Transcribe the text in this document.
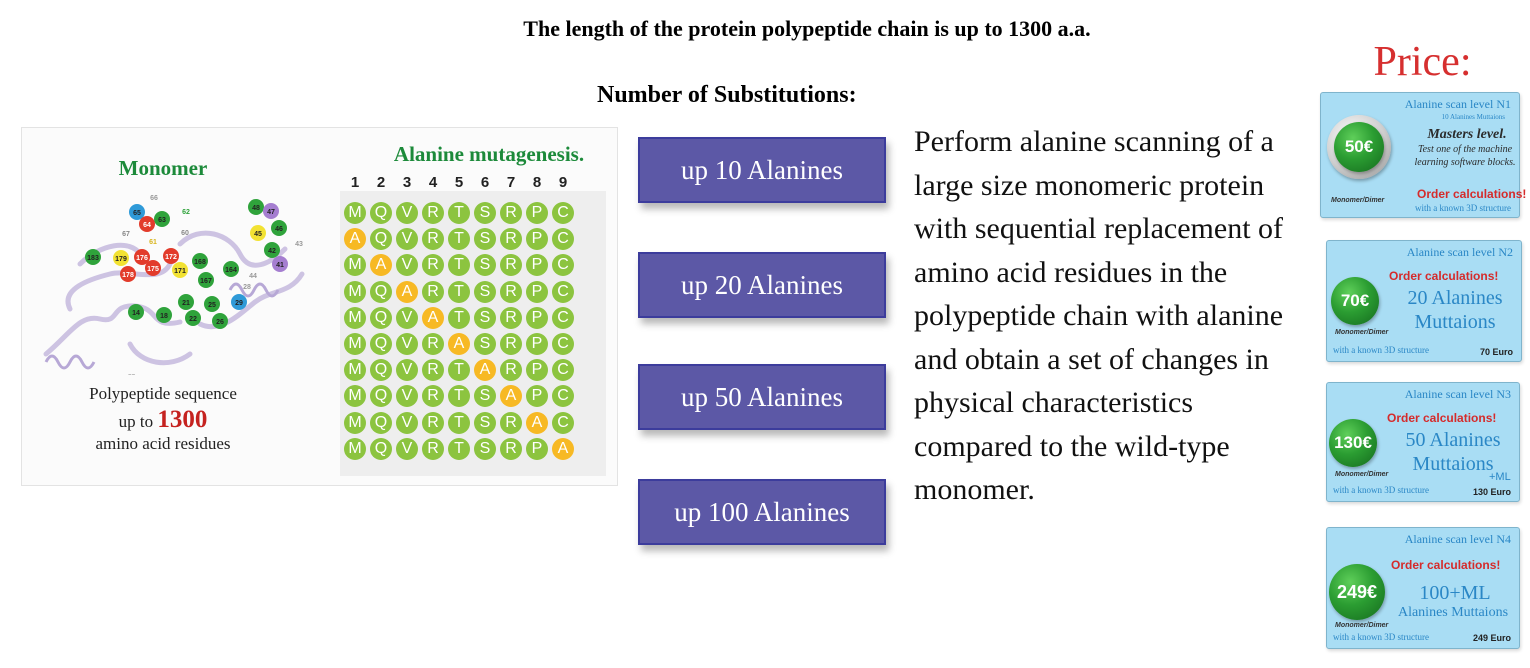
The length of the protein polypeptide chain is up to 1300 a.a.
Number of Substitutions:
Monomer
66
65
63
62
64
60
61
67
48
47
45
46
43
42
41
183 179 176 172
178
175 171
168
167
164
44
28
29
14	18
21
22
25
26
--
Polypeptide sequence
up to 1300
amino acid residues
Alanine mutagenesis.
1	2	3	4	5	6	7	8	9
M Q V R T S R P C
A Q V R T S R P C
M A V R T S R P C
M Q A R T S R P C
M Q V A T S R P C
M Q V R A S R P C
M Q V R T A R P C
M Q V R T S A P C
M Q V R T S R A C
M Q V R T S R P A
up 10 Alanines
up 20 Alanines
up 50 Alanines
up 100 Alanines
Perform alanine scanning of a large size monomeric protein with sequential replacement of amino acid residues in the polypeptide chain with alanine and obtain a set of changes in physical characteristics compared to the wild-type monomer.
Price:
Alanine scan level N1
10 Alanines Muttaions
50€
Masters level.
Test one of the machine learning software blocks.
Order calculations!
Monomer/Dimer
with a known 3D structure
Alanine scan level N2
Order calculations!
70€	20 Alanines
Muttaions
Monomer/Dimer
with a known 3D structure	70 Euro
Alanine scan level N3
Order calculations!
130€	50 Alanines
Muttaions
+ML
Monomer/Dimer
with a known 3D structure	130 Euro
Alanine scan level N4
Order calculations!
249€	100+ML
Alanines Muttaions
Monomer/Dimer
with a known 3D structure	249 Euro
